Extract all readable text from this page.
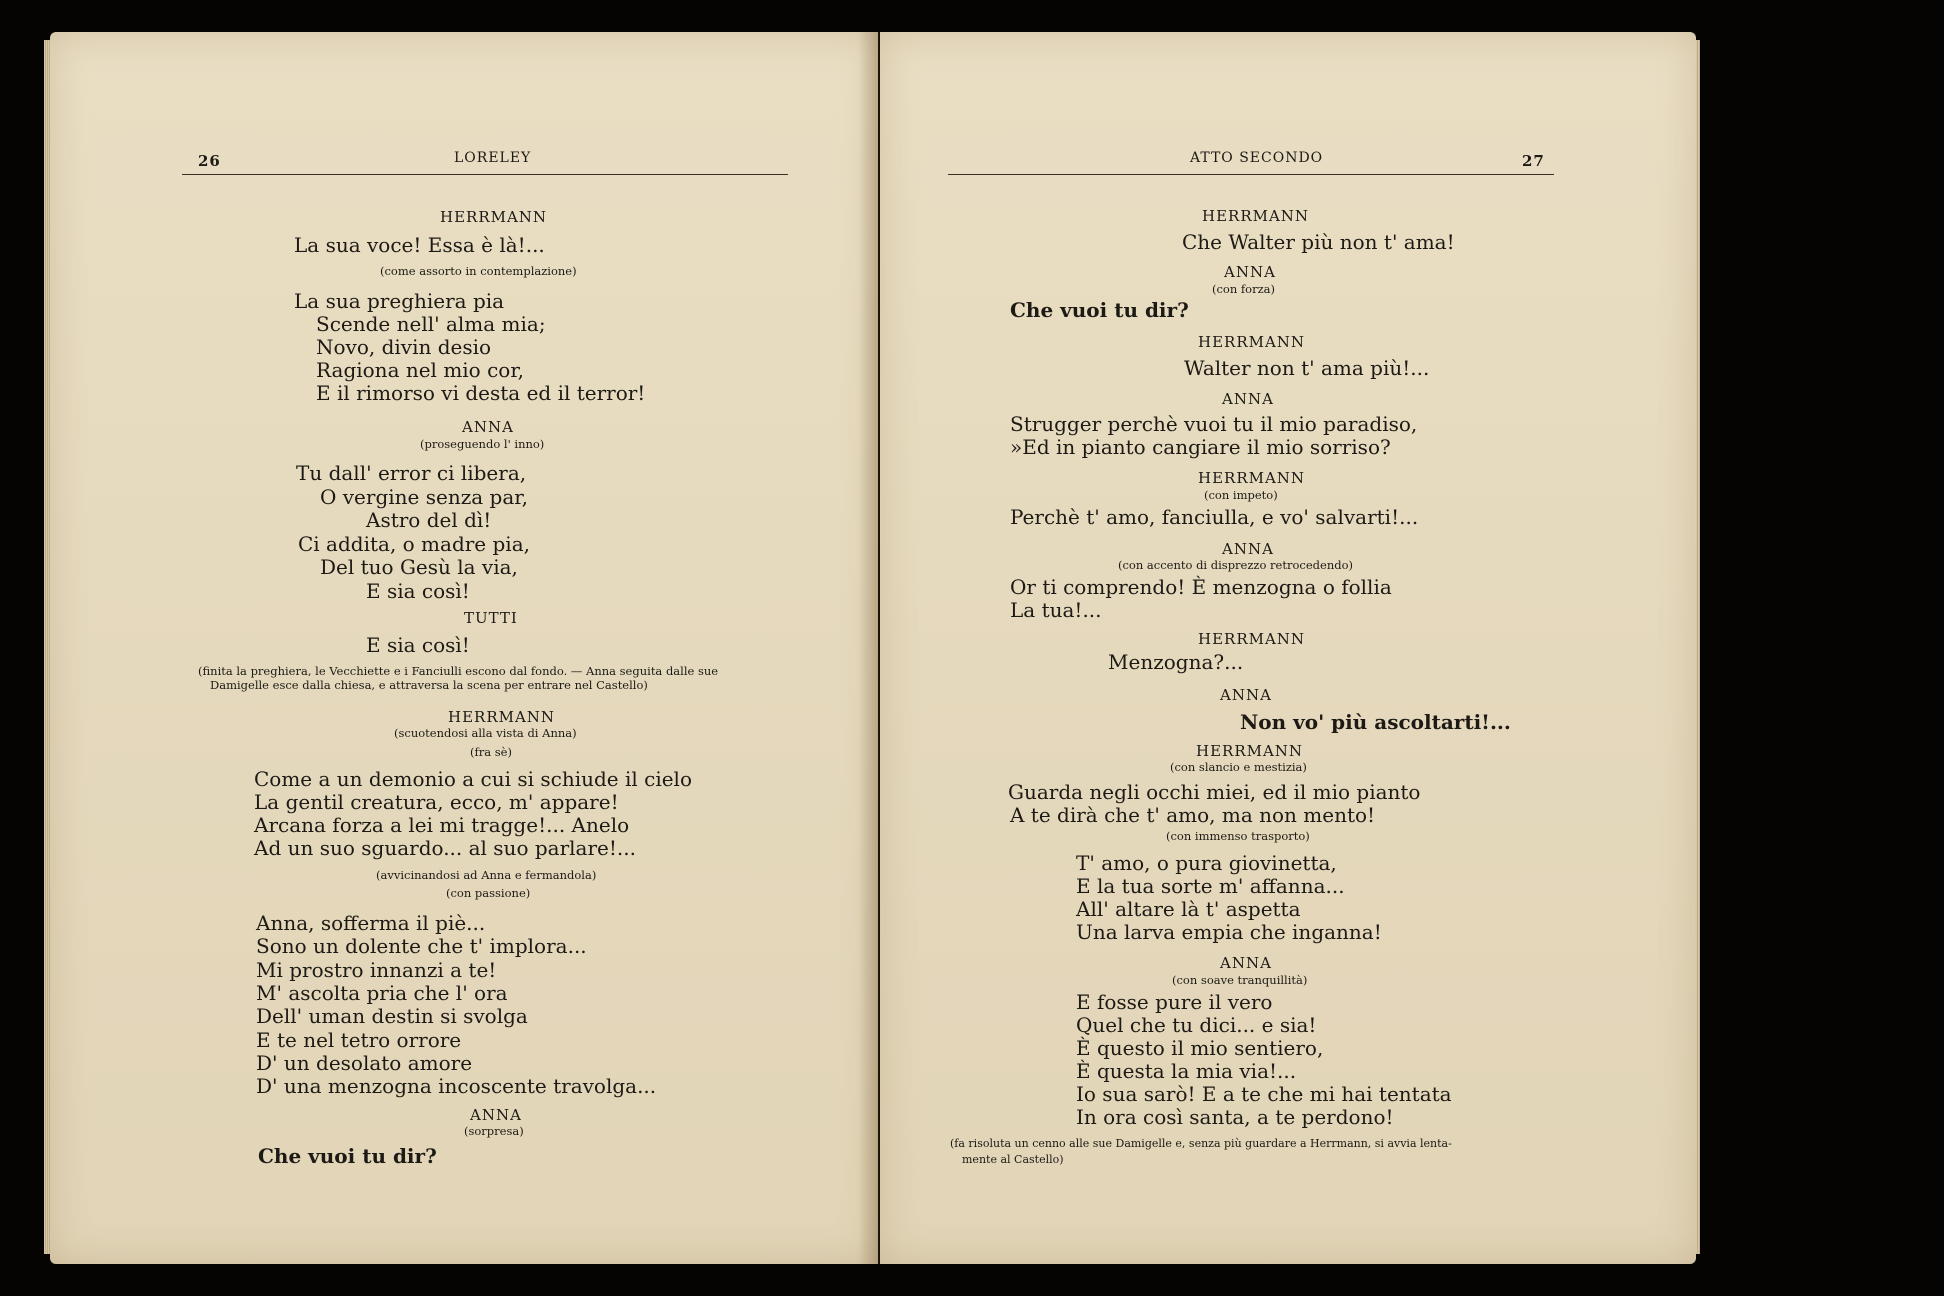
26	LORELEY
HERRMANN
La sua voce! Essa è là!...
(come assorto in contemplazione)
La sua preghiera pia
Scende nell' alma mia;
Novo, divin desio
Ragiona nel mio cor,
E il rimorso vi desta ed il terror!
ANNA
(proseguendo l' inno)
Tu dall' error ci libera,
O vergine senza par,
Astro del dì!
Ci addita, o madre pia,
Del tuo Gesù la via,
E sia così!
TUTTI
E sia così!
(finita la preghiera, le Vecchiette e i Fanciulli escono dal fondo. — Anna seguita dalle sue
Damigelle esce dalla chiesa, e attraversa la scena per entrare nel Castello)
HERRMANN
(scuotendosi alla vista di Anna)
(fra sè)
Come a un demonio a cui si schiude il cielo
La gentil creatura, ecco, m' appare!
Arcana forza a lei mi tragge!... Anelo
Ad un suo sguardo... al suo parlare!...
(avvicinandosi ad Anna e fermandola)
(con passione)
Anna, sofferma il piè...
Sono un dolente che t' implora...
Mi prostro innanzi a te!
M' ascolta pria che l' ora
Dell' uman destin si svolga
E te nel tetro orrore
D' un desolato amore
D' una menzogna incoscente travolga...
ANNA
(sorpresa)
Che vuoi tu dir?
ATTO SECONDO	27
HERRMANN
Che Walter più non t' ama!
ANNA
(con forza)
Che vuoi tu dir?
HERRMANN
Walter non t' ama più!...
ANNA
Strugger perchè vuoi tu il mio paradiso,
»Ed in pianto cangiare il mio sorriso?
HERRMANN
(con impeto)
Perchè t' amo, fanciulla, e vo' salvarti!...
ANNA
(con accento di disprezzo retrocedendo)
Or ti comprendo! È menzogna o follia
La tua!...
HERRMANN
Menzogna?...
ANNA
Non vo' più ascoltarti!...
HERRMANN
(con slancio e mestizia)
Guarda negli occhi miei, ed il mio pianto
A te dirà che t' amo, ma non mento!
(con immenso trasporto)
T' amo, o pura giovinetta,
E la tua sorte m' affanna...
All' altare là t' aspetta
Una larva empia che inganna!
ANNA
(con soave tranquillità)
E fosse pure il vero
Quel che tu dici... e sia!
È questo il mio sentiero,
È questa la mia via!...
Io sua sarò! E a te che mi hai tentata
In ora così santa, a te perdono!
(fa risoluta un cenno alle sue Damigelle e, senza più guardare a Herrmann, si avvia lenta-
mente al Castello)
